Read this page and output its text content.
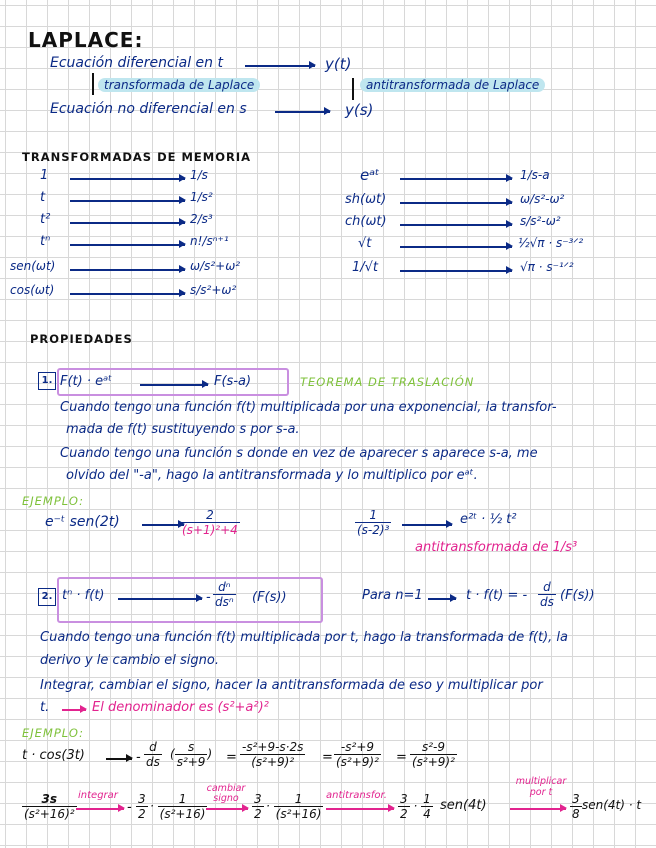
LAPLACE:
Ecuación diferencial en t	y(t)
transformada de Laplace	antitransformada de Laplace
Ecuación no diferencial en s	y(s)
TRANSFORMADAS DE MEMORIA
1	1/s
t	1/s²
t²	2/s³
tⁿ	n!/sⁿ⁺¹
sen(ωt)	ω/s²+ω²
cos(ωt)	s/s²+ω²
eᵃᵗ	1/s-a
sh(ωt)	ω/s²-ω²
ch(ωt)	s/s²-ω²
√t	½√π · s⁻³ᐟ²
1/√t	√π · s⁻¹ᐟ²
PROPIEDADES
1. F(t) · eᵃᵗ	F(s-a)	TEOREMA DE TRASLACIÓN
Cuando tengo una función f(t) multiplicada por una exponencial, la transfor-
mada de f(t) sustituyendo s por s-a.
Cuando tengo una función s donde en vez de aparecer s aparece s-a, me
olvido del "-a", hago la antitransformada y lo multiplico por eᵃᵗ.
EJEMPLO:
e⁻ᵗ sen(2t)	$\frac{2}{\text{(s+1)²+4}}$	$\frac{1}{\text{(s-2)³}}$	e²ᵗ · ½ t²
antitransformada de 1/s³
2. tⁿ · f(t)	- $\frac{\text{dⁿ}}{\text{dsⁿ}} (F(s))$	Para n=1	t · f(t) = - $\frac{d}{ds} (F(s))$
Cuando tengo una función f(t) multiplicada por t, hago la transformada de f(t), la
derivo y le cambio el signo.
Integrar, cambiar el signo, hacer la antitransformada de eso y multiplicar por
t.	El denominador es (s²+a²)²
EJEMPLO:
t · cos(3t)	- $\frac{d}{ds}$ ( $\frac{s}{\text{s²+9}}$ ) = $\frac{\text{-s²+9-s·2s}}{\text{(s²+9)²}} = \frac{\text{-s²+9}}{\text{(s²+9)²}} = \frac{\text{s²-9}}{\text{(s²+9)²}}$
$\frac{3s}{\text{(s²+16)²}}$ integrar
- $\frac{3}{2} \cdot \frac{1}{\text{(s²+16)}}$
cambiar signo	$\frac{3}{2} \cdot \frac{1}{\text{(s²+16)}}$ antitransfor. $\frac{3}{2} \cdot \frac{1}{4} sen(4t)$
multiplicar por t	$\frac{3}{8} sen(4t) \cdot t$
